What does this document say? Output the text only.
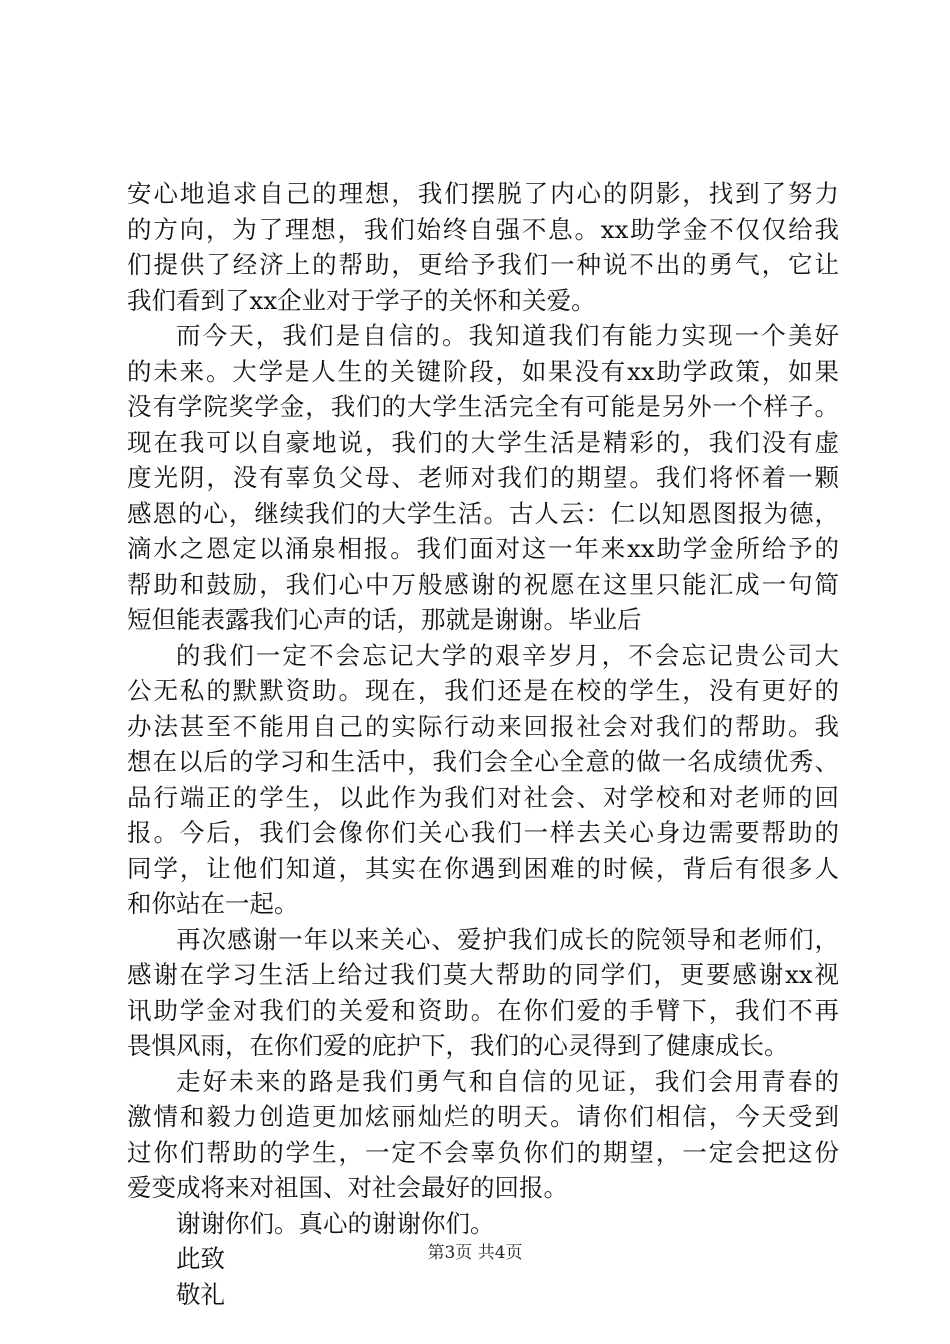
安心地追求自己的理想，我们摆脱了内心的阴影，找到了努力
的方向，为了理想，我们始终自强不息。xx助学金不仅仅给我
们提供了经济上的帮助，更给予我们一种说不出的勇气，它让
我们看到了xx企业对于学子的关怀和关爱。
而今天，我们是自信的。我知道我们有能力实现一个美好
的未来。大学是人生的关键阶段，如果没有xx助学政策，如果
没有学院奖学金，我们的大学生活完全有可能是另外一个样子。
现在我可以自豪地说，我们的大学生活是精彩的，我们没有虚
度光阴，没有辜负父母、老师对我们的期望。我们将怀着一颗
感恩的心，继续我们的大学生活。古人云：仁以知恩图报为德，
滴水之恩定以涌泉相报。我们面对这一年来xx助学金所给予的
帮助和鼓励，我们心中万般感谢的祝愿在这里只能汇成一句简
短但能表露我们心声的话，那就是谢谢。毕业后
的我们一定不会忘记大学的艰辛岁月，不会忘记贵公司大
公无私的默默资助。现在，我们还是在校的学生，没有更好的
办法甚至不能用自己的实际行动来回报社会对我们的帮助。我
想在以后的学习和生活中，我们会全心全意的做一名成绩优秀、
品行端正的学生，以此作为我们对社会、对学校和对老师的回
报。今后，我们会像你们关心我们一样去关心身边需要帮助的
同学，让他们知道，其实在你遇到困难的时候，背后有很多人
和你站在一起。
再次感谢一年以来关心、爱护我们成长的院领导和老师们，
感谢在学习生活上给过我们莫大帮助的同学们，更要感谢xx视
讯助学金对我们的关爱和资助。在你们爱的手臂下，我们不再
畏惧风雨，在你们爱的庇护下，我们的心灵得到了健康成长。
走好未来的路是我们勇气和自信的见证，我们会用青春的
激情和毅力创造更加炫丽灿烂的明天。请你们相信，今天受到
过你们帮助的学生，一定不会辜负你们的期望，一定会把这份
爱变成将来对祖国、对社会最好的回报。
谢谢你们。真心的谢谢你们。
此致
敬礼
第3页 共4页
